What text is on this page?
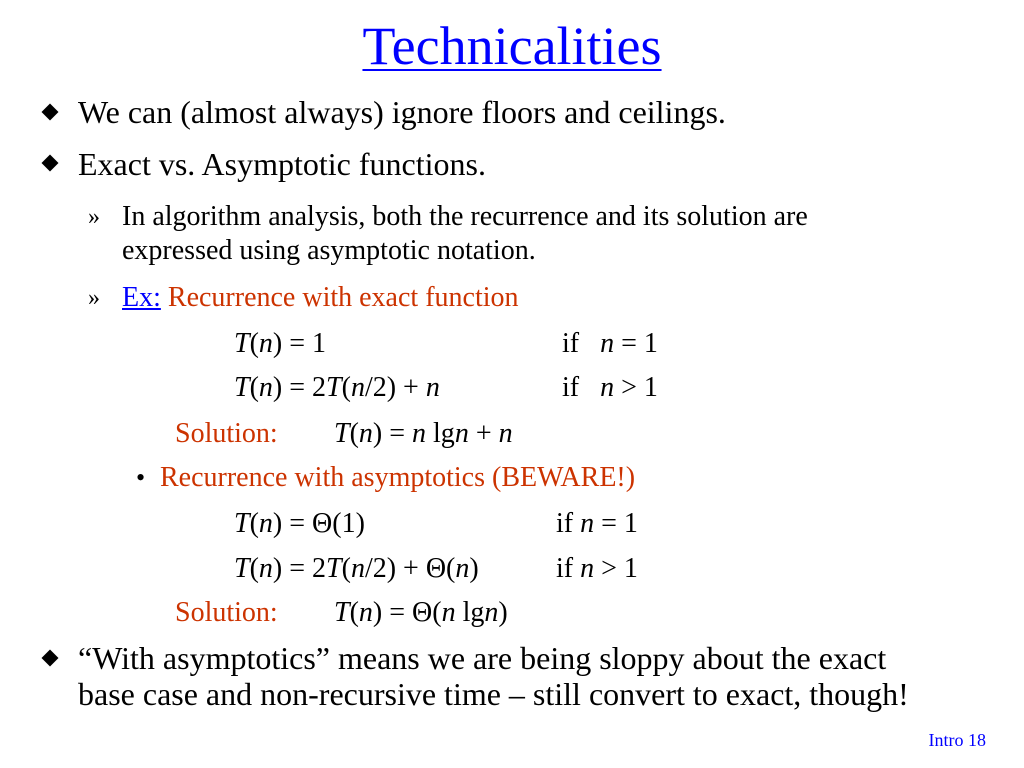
Technicalities
We can (almost always) ignore floors and ceilings.
Exact vs. Asymptotic functions.
» In algorithm analysis, both the recurrence and its solution are
expressed using asymptotic notation.
» Ex: Recurrence with exact function
T(n) = 1	if   n = 1
T(n) = 2T(n/2) + n	if   n > 1
Solution: T(n) = n lgn + n
• Recurrence with asymptotics (BEWARE!)
T(n) = Θ(1)	if n = 1
T(n) = 2T(n/2) + Θ(n)	if n > 1
Solution: T(n) = Θ(n lgn)
“With asymptotics” means we are being sloppy about the exact
base case and non-recursive time – still convert to exact, though!
Intro 18
